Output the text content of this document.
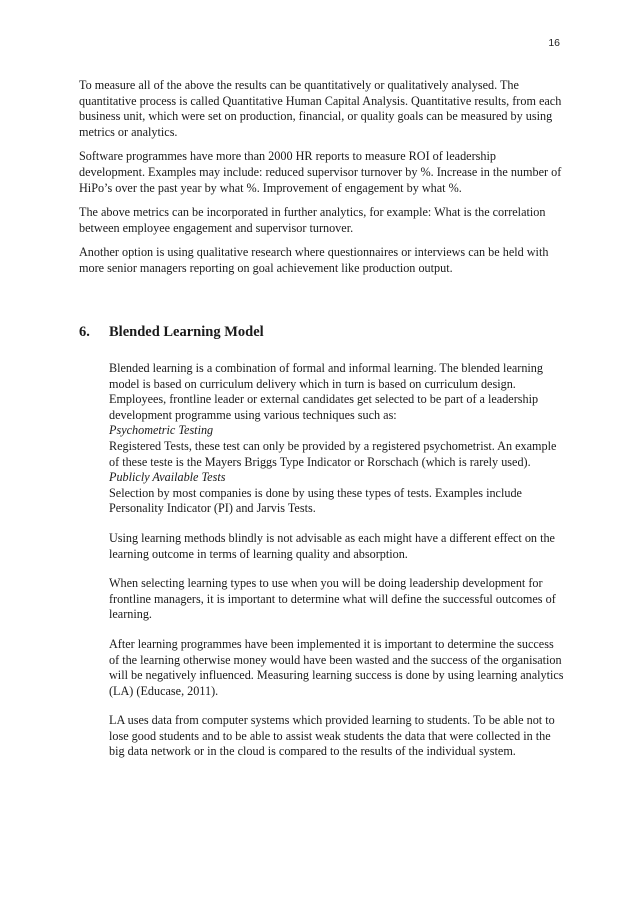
16

To measure all of the above the results can be quantitatively or qualitatively analysed. The quantitative process is called Quantitative Human Capital Analysis. Quantitative results, from each business unit, which were set on production, financial, or quality goals can be measured by using metrics or analytics.

Software programmes have more than 2000 HR reports to measure ROI of leadership development. Examples may include: reduced supervisor turnover by %. Increase in the number of HiPo’s over the past year by what %. Improvement of engagement by what %.

The above metrics can be incorporated in further analytics, for example: What is the correlation between employee engagement and supervisor turnover.

Another option is using qualitative research where questionnaires or interviews can be held with more senior managers reporting on goal achievement like production output.

6. Blended Learning Model

Blended learning is a combination of formal and informal learning. The blended learning model is based on curriculum delivery which in turn is based on curriculum design.
Employees, frontline leader or external candidates get selected to be part of a leadership development programme using various techniques such as:
Psychometric Testing
Registered Tests, these test can only be provided by a registered psychometrist. An example of these teste is the Mayers Briggs Type Indicator or Rorschach (which is rarely used).
Publicly Available Tests
Selection by most companies is done by using these types of tests. Examples include Personality Indicator (PI) and Jarvis Tests.

Using learning methods blindly is not advisable as each might have a different effect on the learning outcome in terms of learning quality and absorption.

When selecting learning types to use when you will be doing leadership development for frontline managers, it is important to determine what will define the successful outcomes of learning.

After learning programmes have been implemented it is important to determine the success of the learning otherwise money would have been wasted and the success of the organisation will be negatively influenced. Measuring learning success is done by using learning analytics (LA) (Educase, 2011).

LA uses data from computer systems which provided learning to students. To be able not to lose good students and to be able to assist weak students the data that were collected in the big data network or in the cloud is compared to the results of the individual system.
